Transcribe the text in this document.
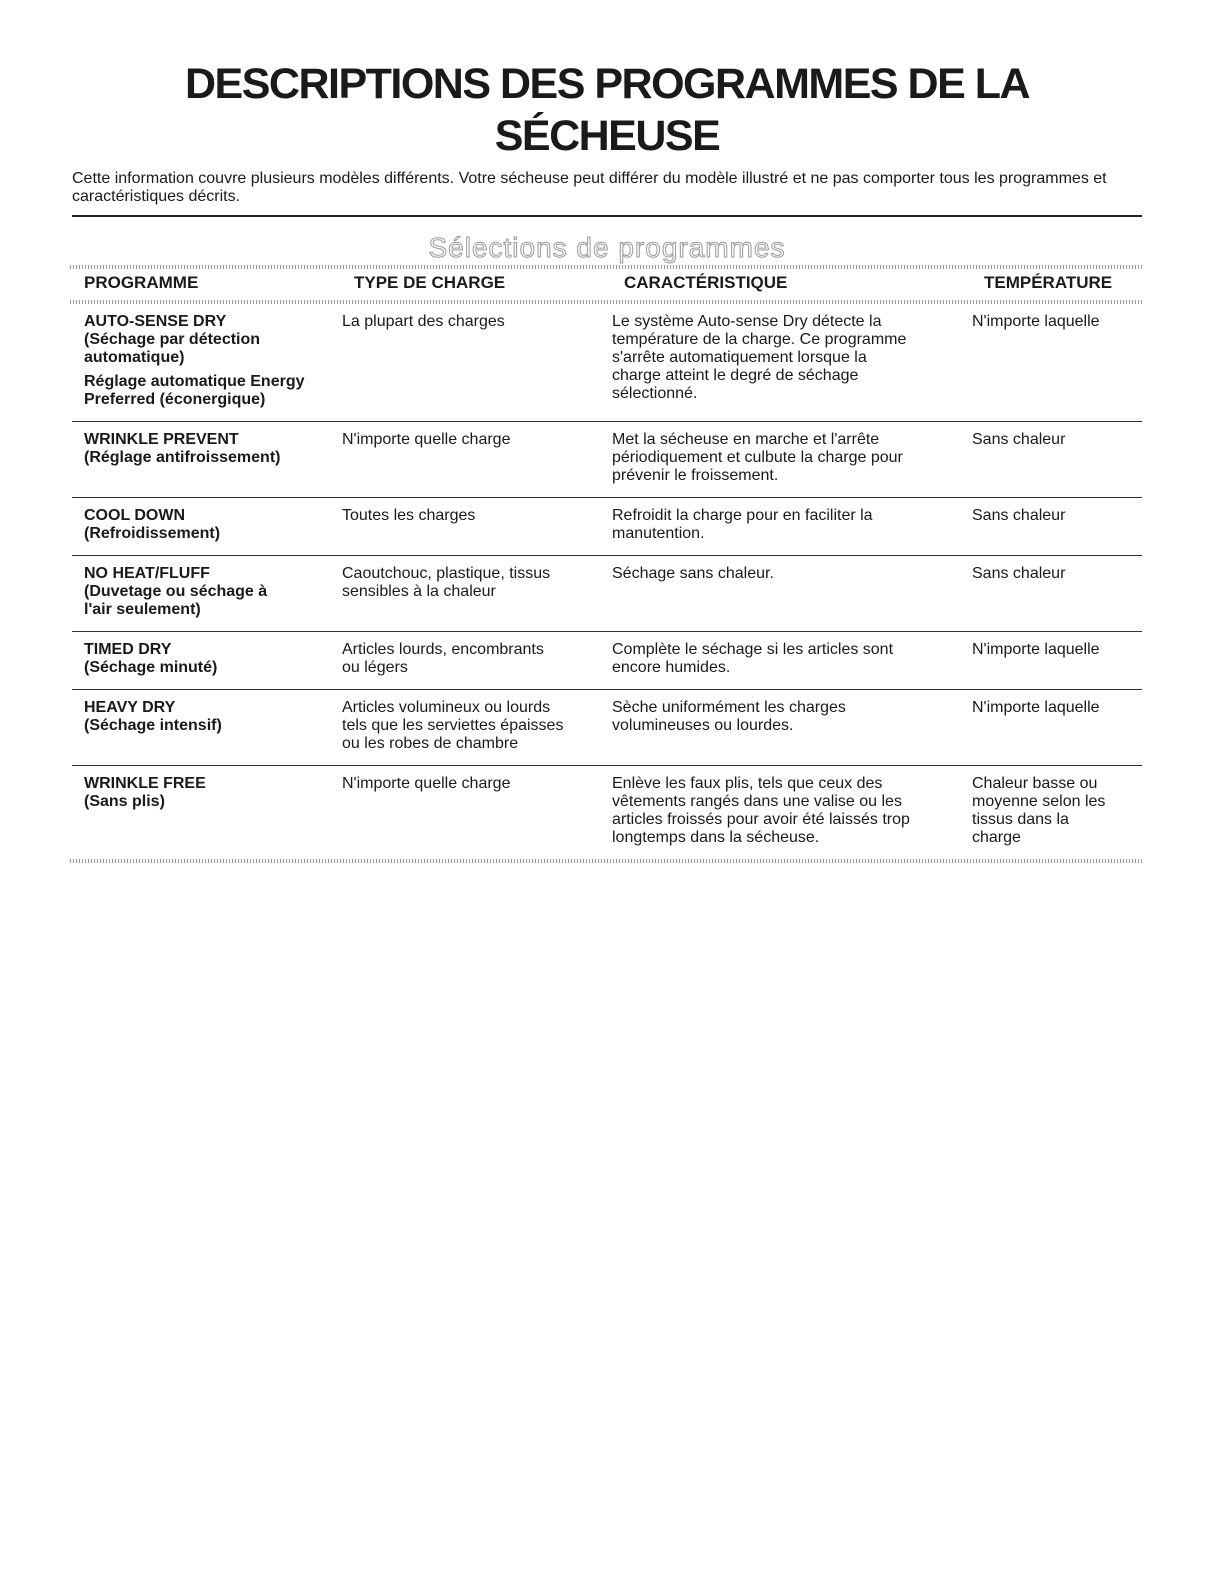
DESCRIPTIONS DES PROGRAMMES DE LA SÉCHEUSE

Cette information couvre plusieurs modèles différents. Votre sécheuse peut différer du modèle illustré et ne pas comporter tous les programmes et caractéristiques décrits.

Sélections de programmes
PROGRAMME	TYPE DE CHARGE	CARACTÉRISTIQUE	TEMPÉRATURE
AUTO-SENSE DRY
(Séchage par détection
automatique)
Réglage automatique Energy
Preferred (éconergique)	La plupart des charges	Le système Auto-sense Dry détecte la
température de la charge. Ce programme
s'arrête automatiquement lorsque la
charge atteint le degré de séchage
sélectionné.	N'importe laquelle

WRINKLE PREVENT
(Réglage antifroissement)	N'importe quelle charge	Met la sécheuse en marche et l'arrête
périodiquement et culbute la charge pour
prévenir le froissement.	Sans chaleur

COOL DOWN
(Refroidissement)	Toutes les charges	Refroidit la charge pour en faciliter la
manutention.	Sans chaleur

NO HEAT/FLUFF
(Duvetage ou séchage à
l'air seulement)	Caoutchouc, plastique, tissus
sensibles à la chaleur	Séchage sans chaleur.	Sans chaleur

TIMED DRY
(Séchage minuté)	Articles lourds, encombrants
ou légers	Complète le séchage si les articles sont
encore humides.	N'importe laquelle

HEAVY DRY
(Séchage intensif)	Articles volumineux ou lourds
tels que les serviettes épaisses
ou les robes de chambre	Sèche uniformément les charges
volumineuses ou lourdes.	N'importe laquelle

WRINKLE FREE
(Sans plis)	N'importe quelle charge	Enlève les faux plis, tels que ceux des
vêtements rangés dans une valise ou les
articles froissés pour avoir été laissés trop
longtemps dans la sécheuse.	Chaleur basse ou
moyenne selon les
tissus dans la
charge
